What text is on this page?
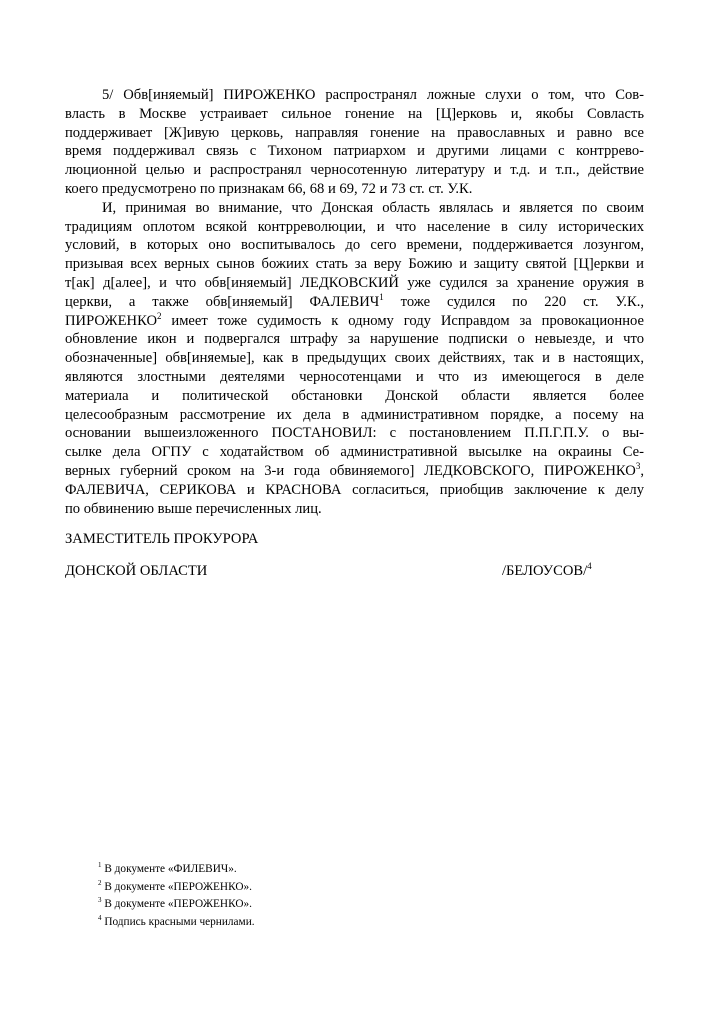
5/ Обв[иняемый] ПИРОЖЕНКО распространял ложные слухи о том, что Сов-
власть в Москве устраивает сильное гонение на [Ц]ерковь и, якобы Совласть
поддерживает [Ж]ивую церковь, направляя гонение на православных и равно все
время поддерживал связь с Тихоном патриархом и другими лицами с контррево-
люционной целью и распространял черносотенную литературу и т.д. и т.п., действие
коего предусмотрено по признакам 66, 68 и 69, 72 и 73 ст. ст. У.К.
И, принимая во внимание, что Донская область являлась и является по своим
традициям оплотом всякой контрреволюции, и что население в силу исторических
условий, в которых оно воспитывалось до сего времени, поддерживается лозунгом,
призывая всех верных сынов божиих стать за веру Божию и защиту святой [Ц]еркви и
т[ак] д[алее], и что обв[иняемый] ЛЕДКОВСКИЙ уже судился за хранение оружия в
церкви, а также обв[иняемый] ФАЛЕВИЧ$^1$ тоже судился по 220 ст. У.К.,
ПИРОЖЕНКО$^2$ имеет тоже судимость к одному году Исправдом за провокационное
обновление икон и подвергался штрафу за нарушение подписки о невыезде, и что
обозначенные] обв[иняемые], как в предыдущих своих действиях, так и в настоящих,
являются злостными деятелями черносотенцами и что из имеющегося в деле
материала и политической обстановки Донской области является более
целесообразным рассмотрение их дела в административном порядке, а посему на
основании вышеизложенного ПОСТАНОВИЛ: с постановлением П.П.Г.П.У. о вы-
сылке дела ОГПУ с ходатайством об административной высылке на окраины Се-
верных губерний сроком на 3-и года обвиняемого] ЛЕДКОВСКОГО, ПИРОЖЕНКО$^3$,
ФАЛЕВИЧА, СЕРИКОВА и КРАСНОВА согласиться, приобщив заключение к делу
по обвинению выше перечисленных лиц.
ЗАМЕСТИТЕЛЬ ПРОКУРОРА
ДОНСКОЙ ОБЛАСТИ	/БЕЛОУСОВ/$^4$
$^1$ В документе «ФИЛЕВИЧ».
$^2$ В документе «ПЕРОЖЕНКО».
$^3$ В документе «ПЕРОЖЕНКО».
$^4$ Подпись красными чернилами.
